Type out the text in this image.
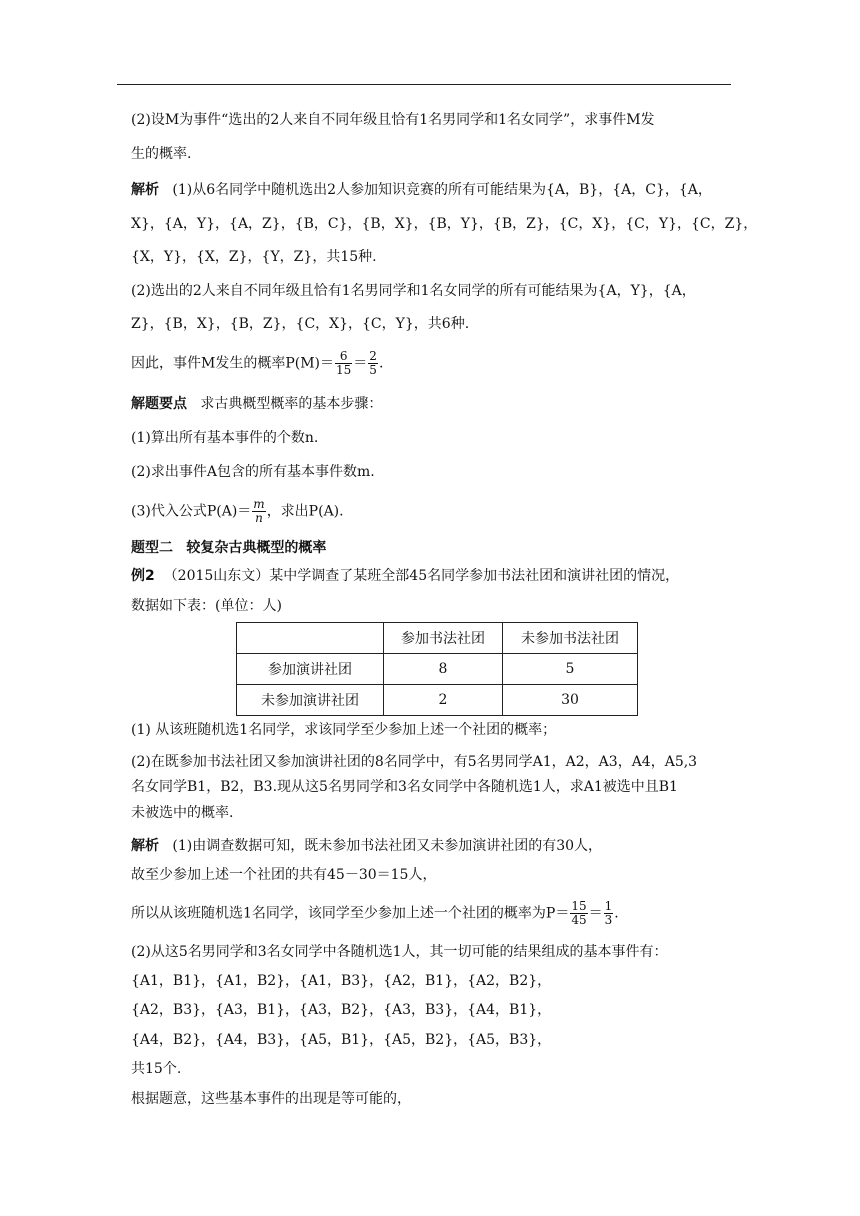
(2)设M为事件“选出的2人来自不同年级且恰有1名男同学和1名女同学”，求事件M发
生的概率.
解析 (1)从6名同学中随机选出2人参加知识竞赛的所有可能结果为{A，B}，{A，C}，{A，
X}，{A，Y}，{A，Z}，{B，C}，{B，X}，{B，Y}，{B，Z}，{C，X}，{C，Y}，{C，Z}，
{X，Y}，{X，Z}，{Y，Z}，共15种.
(2)选出的2人来自不同年级且恰有1名男同学和1名女同学的所有可能结果为{A，Y}，{A，
Z}，{B，X}，{B，Z}，{C，X}，{C，Y}，共6种.
因此，事件M发生的概率$P(M)= \frac{6}{15} = \frac{2}{5}$ .
解题要点 求古典概型概率的基本步骤：
(1)算出所有基本事件的个数n.
(2)求出事件A包含的所有基本事件数m.
(3)代入公式$P(A)= \frac{m}{n}$ ，求出P(A).
题型二 较复杂古典概型的概率
例2 （2015山东文）某中学调查了某班全部45名同学参加书法社团和演讲社团的情况，
数据如下表：(单位：人)
	参加书法社团	未参加书法社团
参加演讲社团	8	5
未参加演讲社团	2	30
(1) 从该班随机选1名同学，求该同学至少参加上述一个社团的概率；
(2)在既参加书法社团又参加演讲社团的8名同学中，有5名男同学A1，A2，A3，A4，A5,3
名女同学B1，B2，B3.现从这5名男同学和3名女同学中各随机选1人，求A1被选中且B1
未被选中的概率.
解析 (1)由调查数据可知，既未参加书法社团又未参加演讲社团的有30人，
故至少参加上述一个社团的共有45－30＝15人，
所以从该班随机选1名同学，该同学至少参加上述一个社团的概率为$P= \frac{15}{45} = \frac{1}{3}$ .
(2)从这5名男同学和3名女同学中各随机选1人，其一切可能的结果组成的基本事件有：
{A1，B1}，{A1，B2}，{A1，B3}，{A2，B1}，{A2，B2}，
{A2，B3}，{A3，B1}，{A3，B2}，{A3，B3}，{A4，B1}，
{A4，B2}，{A4，B3}，{A5，B1}，{A5，B2}，{A5，B3}，
共15个.
根据题意，这些基本事件的出现是等可能的，
